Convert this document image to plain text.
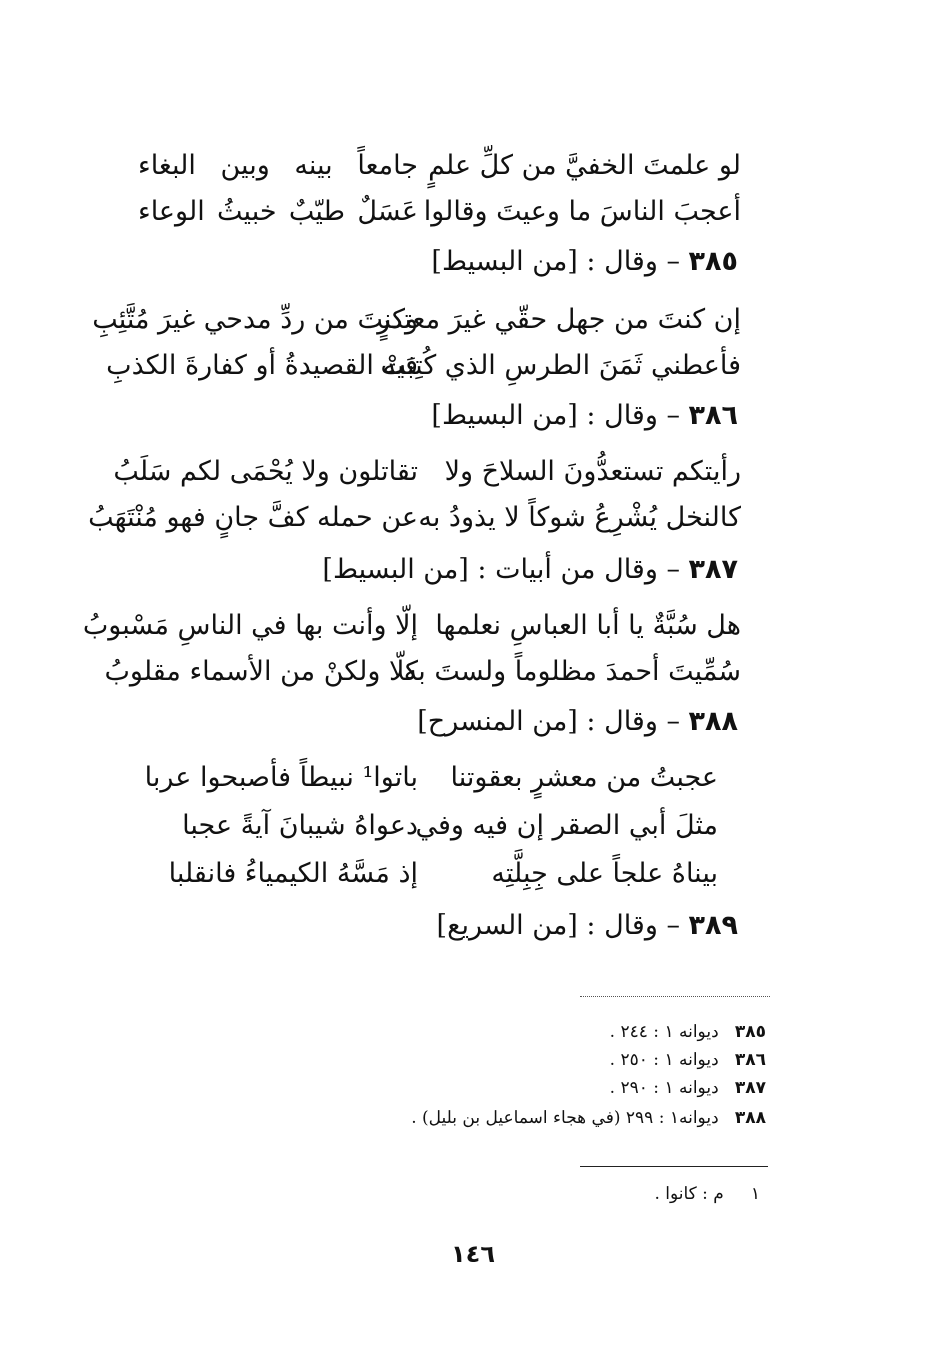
لو علمتَ الخفيَّ من كلِّ علمٍ
جامعاً بينه وبين البغاء
أعجبَ الناسَ ما وعيتَ وقالوا
عَسَلٌ طيّبٌ خبيثُ الوعاء
٣٨٥ – وقال : [من البسيط]
إن كنتَ من جهل حقّي غيرَ معتذرٍ
وكنتَ من ردِّ مدحي غيرَ مُتَّئِبِ
فأعطني ثَمَنَ الطرسِ الذي كُتِبَتْ
فيه القصيدةُ أو كفارةَ الكذبِ
٣٨٦ – وقال : [من البسيط]
رأيتكم تستعدُّونَ السلاحَ ولا
تقاتلون ولا يُحْمَى لكم سَلَبُ
كالنخل يُشْرِعُ شوكاً لا يذودُ به
عن حمله كفَّ جانٍ فهو مُنْتَهَبُ
٣٨٧ – وقال من أبيات : [من البسيط]
هل سُبَّةٌ يا أبا العباسِ نعلمها
إلّا وأنت بها في الناسِ مَسْبوبُ
سُمِّيتَ أحمدَ مظلوماً ولستَ به
كلّا ولكنْ من الأسماء مقلوبُ
٣٨٨ – وقال : [من المنسرح]
عجبتُ من معشرٍ بعقوتنا
باتوا¹ نبيطاً فأصبحوا عربا
مثلَ أبي الصقر إن فيه وفي
دعواهُ شيبانَ آيةً عجبا
بيناهُ علجاً على جِبِلَّتِه
إذ مَسَّهُ الكيمياءُ فانقلبا
٣٨٩ – وقال : [من السريع]
٣٨٥   ديوانه ١ : ٢٤٤ .
٣٨٦   ديوانه ١ : ٢٥٠ .
٣٨٧   ديوانه ١ : ٢٩٠ .
٣٨٨   ديوانه١ : ٢٩٩ (في هجاء اسماعيل بن بليل) .
١     م : كانوا .
١٤٦
